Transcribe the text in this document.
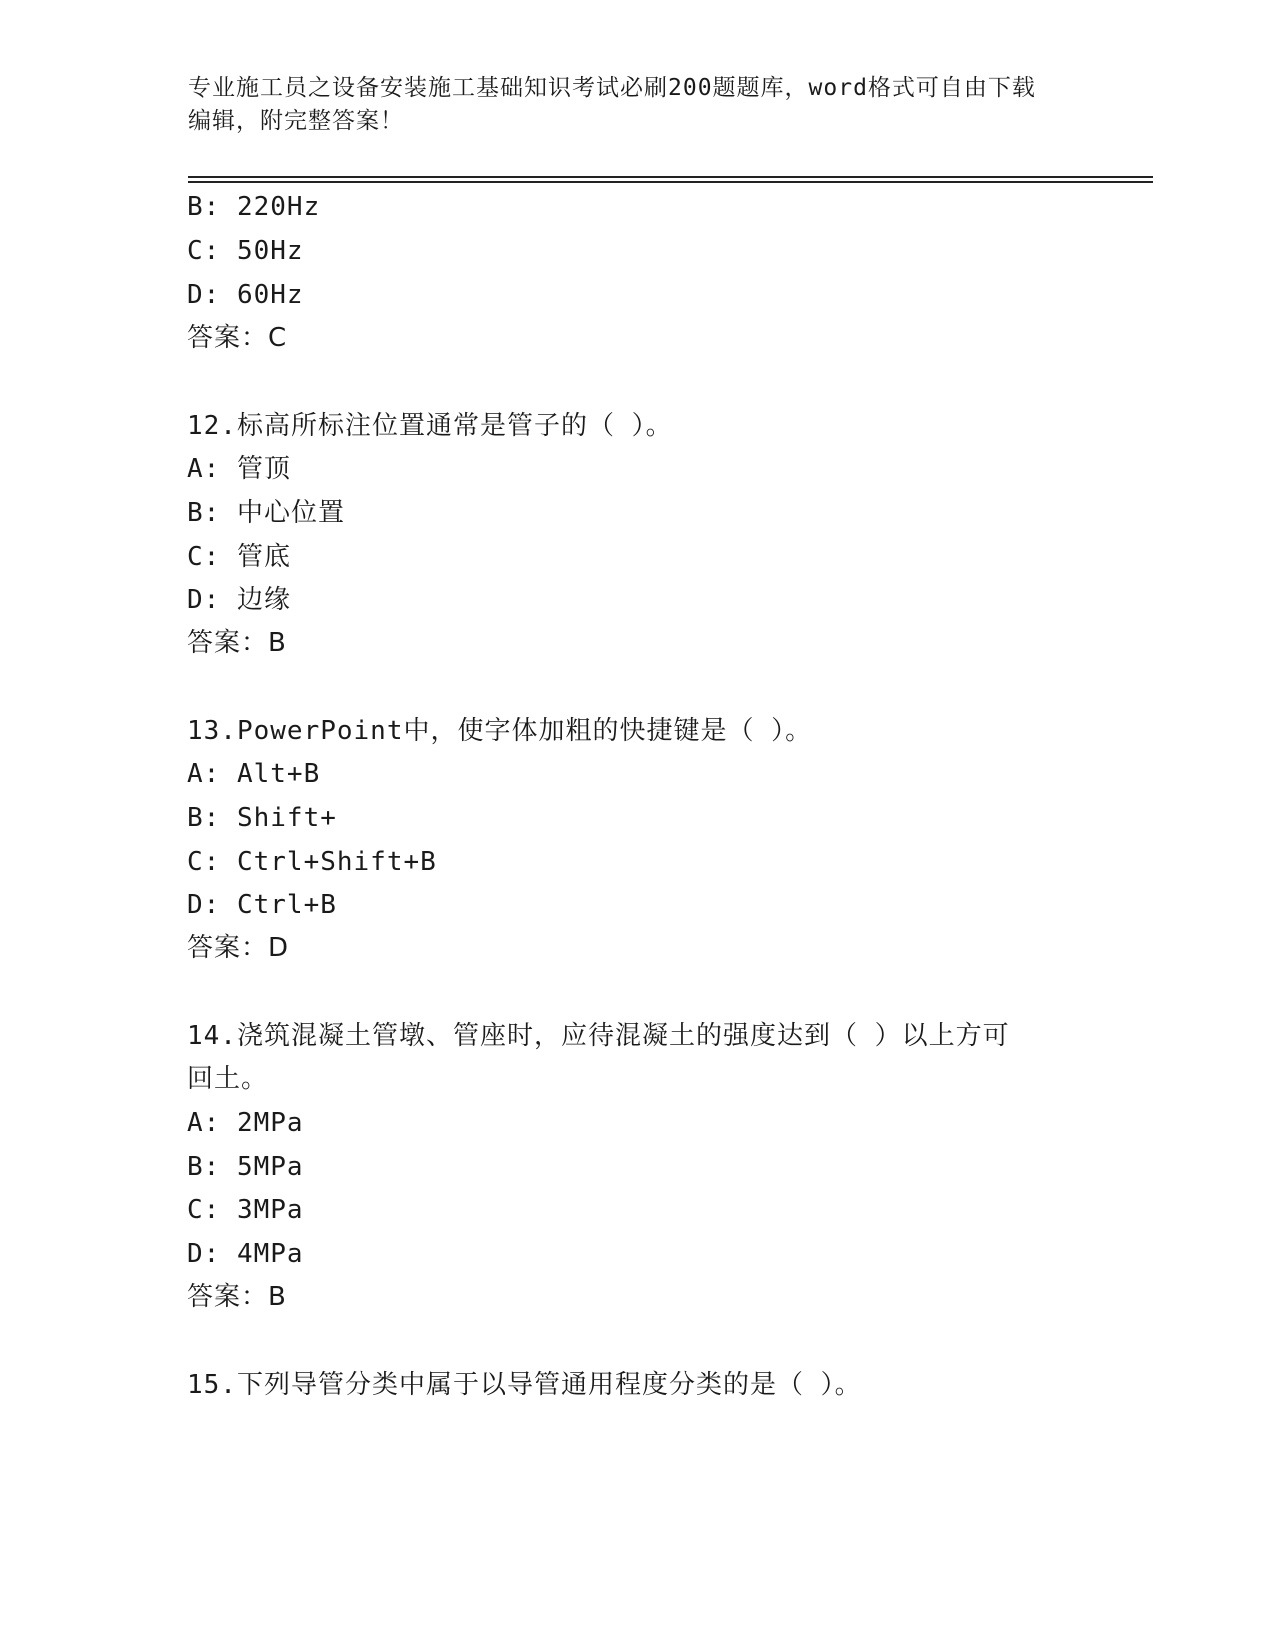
专业施工员之设备安装施工基础知识考试必刷200题题库，word格式可自由下载
编辑，附完整答案！
B: 220Hz
C: 50Hz
D: 60Hz
答案：C
12.标高所标注位置通常是管子的（ ）。
A: 管顶
B: 中心位置
C: 管底
D: 边缘
答案：B
13.PowerPoint中，使字体加粗的快捷键是（ ）。
A: Alt+B
B: Shift+
C: Ctrl+Shift+B
D: Ctrl+B
答案：D
14.浇筑混凝土管墩、管座时，应待混凝土的强度达到（ ）以上方可
回土。
A: 2MPa
B: 5MPa
C: 3MPa
D: 4MPa
答案：B
15.下列导管分类中属于以导管通用程度分类的是（ ）。
